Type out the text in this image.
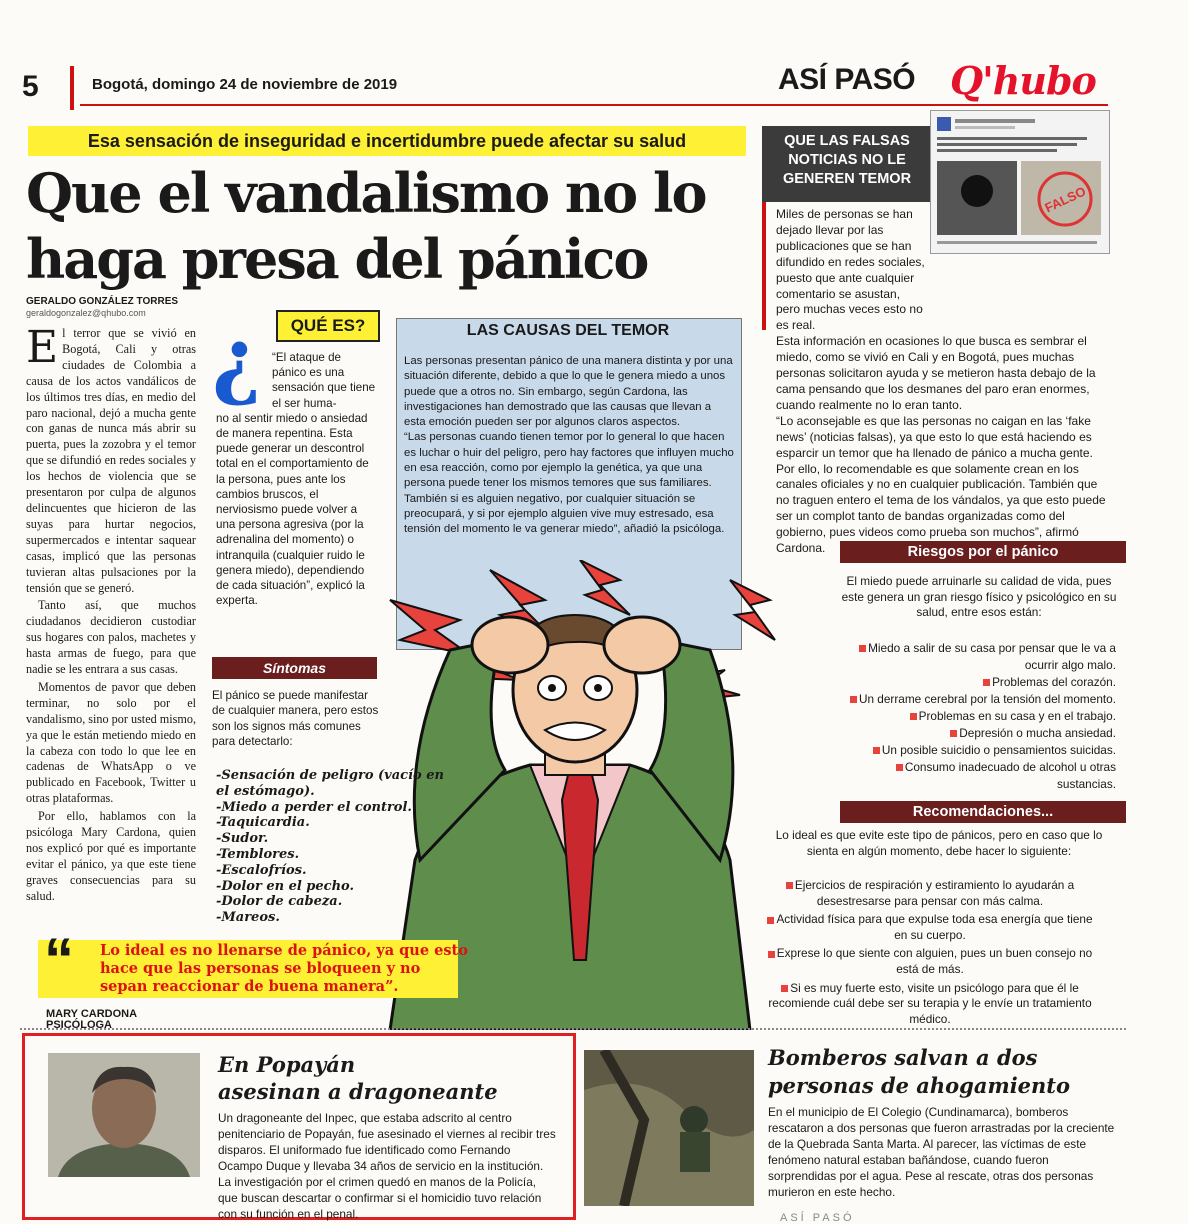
5	Bogotá, domingo 24 de noviembre de 2019	ASÍ PASÓ Q'hubo
Esa sensación de inseguridad e incertidumbre puede afectar su salud
Que el vandalismo no lo
haga presa del pánico
GERALDO GONZÁLEZ TORRES
geraldogonzalez@qhubo.com

El terror que se vivió en Bogotá, Cali y otras ciudades de Colombia a causa de los actos vandálicos de los últimos tres días, en medio del paro nacional, dejó a mucha gente con ganas de nunca más abrir su puerta, pues la zozobra y el temor que se difundió en redes sociales y los hechos de violencia que se presentaron por culpa de algunos delincuentes que hicieron de las suyas para hurtar negocios, supermercados e intentar saquear casas, implicó que las personas tuvieran altas pulsaciones por la tensión que se generó.

Tanto así, que muchos ciudadanos decidieron custodiar sus hogares con palos, machetes y hasta armas de fuego, para que nadie se les entrara a sus casas.

Momentos de pavor que deben terminar, no solo por el vandalismo, sino por usted mismo, ya que le están metiendo miedo en la cabeza con todo lo que lee en cadenas de WhatsApp o ve publicado en Facebook, Twitter u otras plataformas.

Por ello, hablamos con la psicóloga Mary Cardona, quien nos explicó por qué es importante evitar el pánico, ya que este tiene graves consecuencias para su salud.

¿	QUÉ ES?
“El ataque de pánico es una sensación que tiene el ser huma-
no al sentir miedo o ansiedad de manera repentina. Esta puede generar un descontrol total en el comportamiento de la persona, pues ante los cambios bruscos, el nerviosismo puede volver a una persona agresiva (por la adrenalina del momento) o intranquila (cualquier ruido le genera miedo), dependiendo de cada situación”, explicó la experta.
LAS CAUSAS DEL TEMOR

Las personas presentan pánico de una manera distinta y por una situación diferente, debido a que lo que le genera miedo a unos puede que a otros no. Sin embargo, según Cardona, las investigaciones han demostrado que las causas que llevan a esta emoción pueden ser por algunos claros aspectos.

“Las personas cuando tienen temor por lo general lo que hacen es luchar o huir del peligro, pero hay factores que influyen mucho en esa reacción, como por ejemplo la genética, ya que una persona puede tener los mismos temores que sus familiares. También si es alguien negativo, por cualquier situación se preocupará, y si por ejemplo alguien vive muy estresado, esa tensión del momento le va generar miedo”, añadió la psicóloga.

Síntomas
El pánico se puede manifestar de cualquier manera, pero estos son los signos más comunes para detectarlo:
-Sensación de peligro (vacío en el estómago).
-Miedo a perder el control.
-Taquicardia.
-Sudor.
-Temblores.
-Escalofríos.
-Dolor en el pecho.
-Dolor de cabeza.
-Mareos.
“ Lo ideal es no llenarse de pánico, ya que esto hace que las personas se bloqueen y no sepan reaccionar de buena manera”.
MARY CARDONA
PSICÓLOGA
QUE LAS FALSAS NOTICIAS NO LE GENEREN TEMOR
FALSO

Miles de personas se han dejado llevar por las publicaciones que se han difundido en redes sociales, puesto que ante cualquier comentario se asustan, pero muchas veces esto no es real.

Esta información en ocasiones lo que busca es sembrar el miedo, como se vivió en Cali y en Bogotá, pues muchas personas solicitaron ayuda y se metieron hasta debajo de la cama pensando que los desmanes del paro eran enormes, cuando realmente no lo eran tanto.

“Lo aconsejable es que las personas no caigan en las ‘fake news’ (noticias falsas), ya que esto lo que está haciendo es esparcir un temor que ha llenado de pánico a mucha gente. Por ello, lo recomendable es que solamente crean en los canales oficiales y no en cualquier publicación. También que no traguen entero el tema de los vándalos, ya que esto puede ser un complot tanto de bandas organizadas como del gobierno, pues videos como prueba son muchos”, afirmó Cardona.	Riesgos por el pánico
El miedo puede arruinarle su calidad de vida, pues este genera un gran riesgo físico y psicológico en su salud, entre esos están:
Miedo a salir de su casa por pensar que le va a ocurrir algo malo.
Problemas del corazón.
Un derrame cerebral por la tensión del momento.
Problemas en su casa y en el trabajo.
Depresión o mucha ansiedad.
Un posible suicidio o pensamientos suicidas.
Consumo inadecuado de alcohol u otras sustancias.
Recomendaciones...
Lo ideal es que evite este tipo de pánicos, pero en caso que lo sienta en algún momento, debe hacer lo siguiente:

Ejercicios de respiración y estiramiento lo ayudarán a desestresarse para pensar con más calma.

Actividad física para que expulse toda esa energía que tiene en su cuerpo.

Exprese lo que siente con alguien, pues un buen consejo no está de más.

Si es muy fuerte esto, visite un psicólogo para que él le recomiende cuál debe ser su terapia y le envíe un tratamiento médico.

En Popayán
asesinan a dragoneante
Un dragoneante del Inpec, que estaba adscrito al centro penitenciario de Popayán, fue asesinado el viernes al recibir tres disparos. El uniformado fue identificado como Fernando Ocampo Duque y llevaba 34 años de servicio en la institución. La investigación por el crimen quedó en manos de la Policía, que buscan descartar o confirmar si el homicidio tuvo relación con su función en el penal.
Bomberos salvan a dos
personas de ahogamiento
En el municipio de El Colegio (Cundinamarca), bomberos rescataron a dos personas que fueron arrastradas por la creciente de la Quebrada Santa Marta. Al parecer, las víctimas de este fenómeno natural estaban bañándose, cuando fueron sorprendidas por el agua. Pese al rescate, otras dos personas murieron en este hecho.
ASÍ PASÓ
